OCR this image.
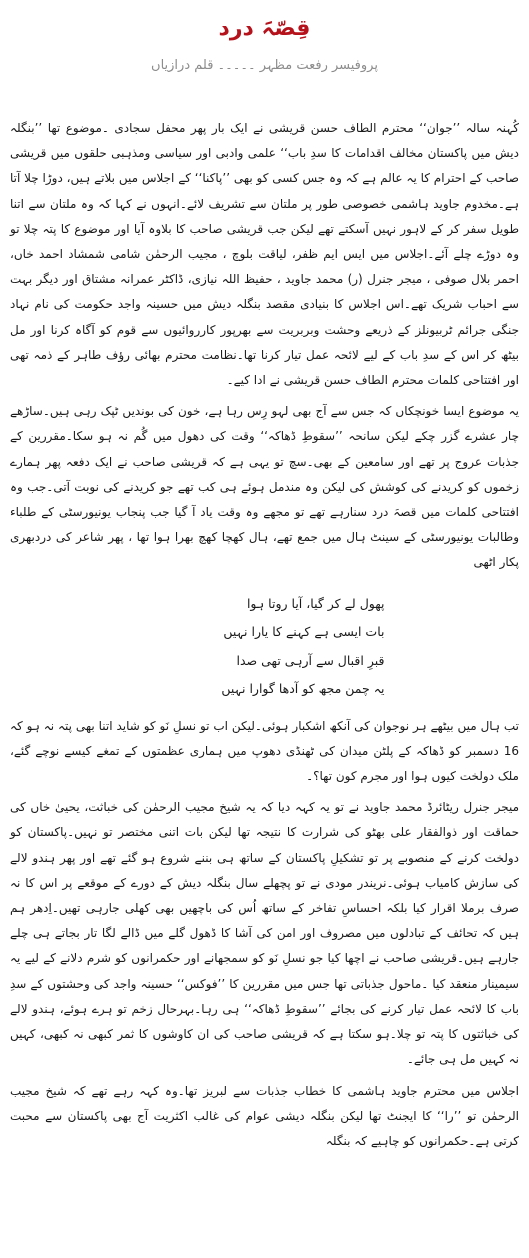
قِصّہَ درد
پروفیسر رفعت مظہر ۔۔۔۔۔ قلم درازیاں

کُہنہ سالہ ’’جوان‘‘ محترم الطاف حسن قریشی نے ایک بار پھر محفل سجادی ۔موضوع تھا ’’بنگلہ دیش میں پاکستان مخالف اقدامات کا سدِ باب‘‘ علمی وادبی اور سیاسی ومذہبی حلقوں میں قریشی صاحب کے احترام کا یہ عالم ہے کہ وہ جس کسی کو بھی ’’پاکنا‘‘ کے اجلاس میں بلاتے ہیں، دوڑا چلا آتا ہے۔مخدوم جاوید ہاشمی خصوصی طور پر ملتان سے تشریف لائے۔انہوں نے کہا کہ وہ ملتان سے اتنا طویل سفر کر کے لاہور نہیں آسکتے تھے لیکن جب قریشی صاحب کا بلاوہ آیا اور موضوع کا پتہ چلا تو وہ دوڑے چلے آئے۔اجلاس میں ایس ایم ظفر، لیاقت بلوچ ، مجیب الرحمٰن شامی شمشاد احمد خاں، احمر بلال صوفی ، میجر جنرل (ر) محمد جاوید ، حفیظ اللہ نیازی، ڈاکٹر عمرانہ مشتاق اور دیگر بہت سے احباب شریک تھے۔اس اجلاس کا بنیادی مقصد بنگلہ دیش میں حسینہ واجد حکومت کی نام نہاد جنگی جرائم ٹربیونلز کے ذریعے وحشت وبربریت سے بھرپور کارروائیوں سے قوم کو آگاہ کرنا اور مل بیٹھ کر اس کے سدِ باب کے لیے لائحہ عمل تیار کرنا تھا۔نظامت محترم بھائی رؤف طاہر کے ذمہ تھی اور افتتاحی کلمات محترم الطاف حسن قریشی نے ادا کیے۔

یہ موضوع ایسا خونچکاں کہ جس سے آج بھی لہو رِس رہا ہے، خون کی بوندیں ٹپک رہی ہیں۔ساڑھے چار عشرے گزر چکے لیکن سانحہ ’’سقوطِ ڈھاکہ‘‘ وقت کی دھول میں گُم نہ ہو سکا۔مقررین کے جذبات عروج پر تھے اور سامعین کے بھی۔سچ تو یہی ہے کہ قریشی صاحب نے ایک دفعہ پھر ہمارے زخموں کو کریدنے کی کوشش کی لیکن وہ مندمل ہوئے ہی کب تھے جو کریدنے کی نوبت آتی۔جب وہ افتتاحی کلمات میں قصہَ درد سنارہے تھے تو مجھے وہ وقت یاد آ گیا جب پنجاب یونیورسٹی کے طلباء وطالبات یونیورسٹی کے سینٹ ہال میں جمع تھے، ہال کھچا کھچ بھرا ہوا تھا ، پھر شاعر کی دردبھری پکار اٹھی

پھول لے کر گیا، آیا روتا ہوا
بات ایسی ہے کہنے کا یارا نہیں
قبرِ اقبال سے آرہی تھی صدا
یہ چمن مجھ کو آدھا گوارا نہیں

تب ہال میں بیٹھے ہر نوجوان کی آنکھ اشکبار ہوئی۔لیکن اب تو نسلِ نَو کو شاید اتنا بھی پتہ نہ ہو کہ 16 دسمبر کو ڈھاکہ کے پلٹن میدان کی ٹھنڈی دھوپ میں ہماری عظمتوں کے تمغے کیسے نوچے گئے، ملک دولخت کیوں ہوا اور مجرم کون تھا؟۔

میجر جنرل ریٹائرڈ محمد جاوید نے تو یہ کہہ دیا کہ یہ شیخ مجیب الرحمٰن کی خباثت، یحییٰ خاں کی حماقت اور ذوالفقار علی بھٹو کی شرارت کا نتیجہ تھا لیکن بات اتنی مختصر تو نہیں۔پاکستان کو دولخت کرنے کے منصوبے پر تو تشکیلِ پاکستان کے ساتھ ہی بننے شروع ہو گئے تھے اور پھر ہندو لالے کی سازش کامیاب ہوئی۔نریندر مودی نے تو پچھلے سال بنگلہ دیش کے دورے کے موقعے پر اس کا نہ صرف برملا اقرار کیا بلکہ احساسِ تفاخر کے ساتھ اُس کی باچھیں بھی کھلی جارہی تھیں۔اِدھر ہم ہیں کہ تحائف کے تبادلوں میں مصروف اور امن کی آشا کا ڈھول گلے میں ڈالے لگا تار بجاتے ہی چلے جارہے ہیں۔قریشی صاحب نے اچھا کیا جو نسلِ نَو کو سمجھانے اور حکمرانوں کو شرم دلانے کے لیے یہ سیمینار منعقد کیا ۔ماحول جذباتی تھا جس میں مقررین کا ’’فوکس‘‘ حسینہ واجد کی وحشتوں کے سدِ باب کا لائحہ عمل تیار کرنے کی بجائے ’’سقوطِ ڈھاکہ‘‘ ہی رہا۔بہرحال زخم تو ہرے ہوئے، ہندو لالے کی خباثتوں کا پتہ تو چلا۔ہو سکتا ہے کہ قریشی صاحب کی ان کاوشوں کا ثمر کبھی نہ کبھی، کہیں نہ کہیں مل ہی جائے۔

اجلاس میں محترم جاوید ہاشمی کا خطاب جذبات سے لبریز تھا۔وہ کہہ رہے تھے کہ شیخ مجیب الرحمٰن تو ’’را‘‘ کا ایجنٹ تھا لیکن بنگلہ دیشی عوام کی غالب اکثریت آج بھی پاکستان سے محبت کرتی ہے۔حکمرانوں کو چاہیے کہ بنگلہ
